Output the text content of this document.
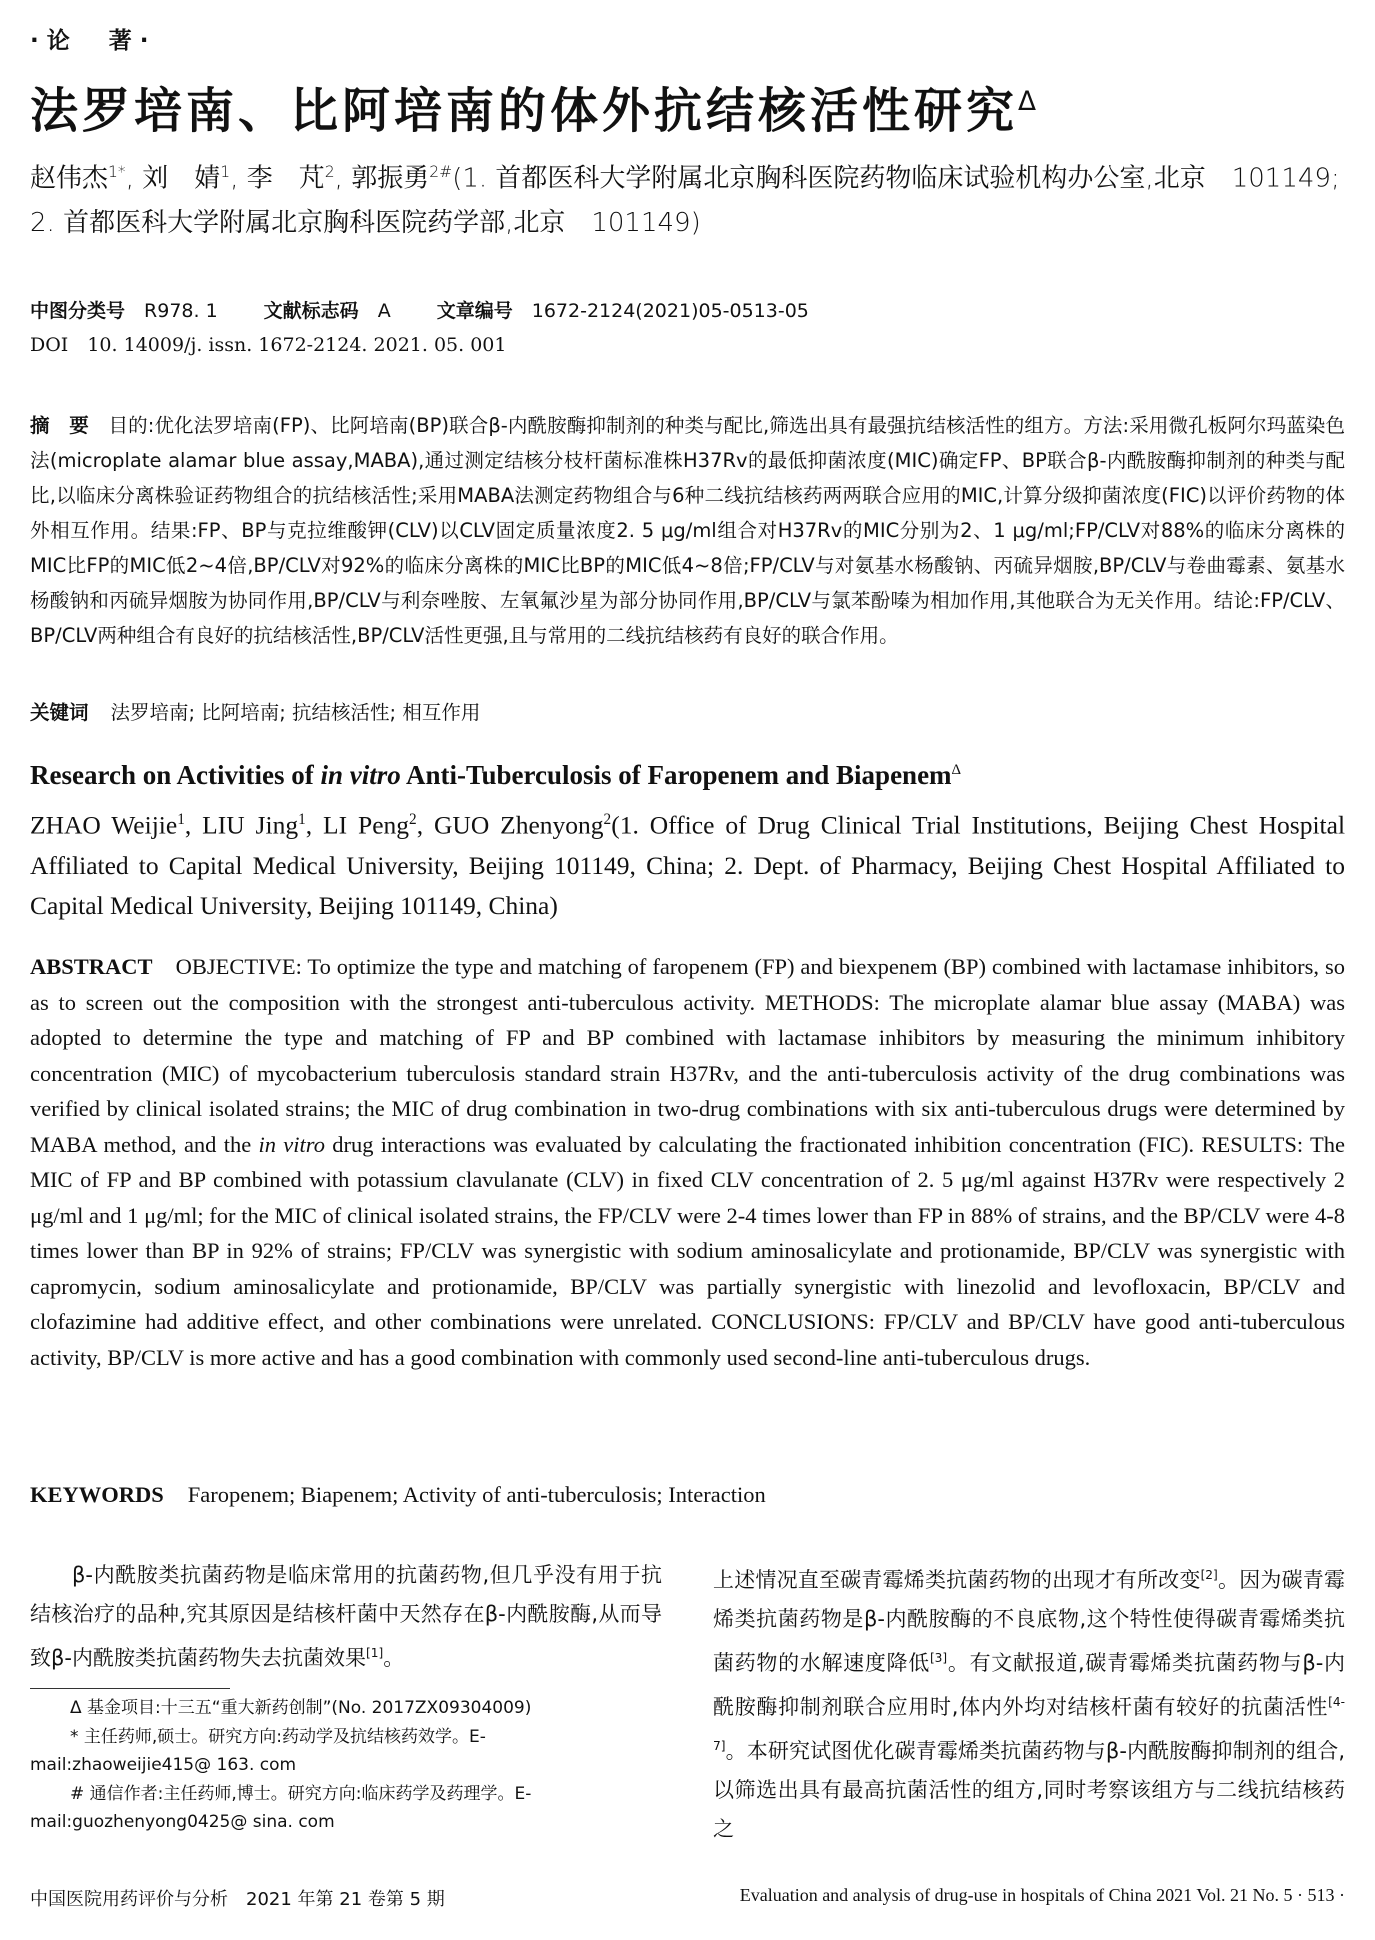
·论　著·
法罗培南、比阿培南的体外抗结核活性研究$^\Delta$
赵伟杰$^{1*}$, 刘　婧$^1$, 李　芃$^2$, 郭振勇$^{2\#}$(1. 首都医科大学附属北京胸科医院药物临床试验机构办公室,北京　101149; 2. 首都医科大学附属北京胸科医院药学部,北京　101149)
中图分类号　 R978. 1 文献标志码　 A 文章编号　 1672-2124(2021)05-0513-05
DOI　 10. 14009/j. issn. 1672-2124. 2021. 05. 001
摘　要　 目的:优化法罗培南(FP)、比阿培南(BP)联合β-内酰胺酶抑制剂的种类与配比,筛选出具有最强抗结核活性的组方。方法:采用微孔板阿尔玛蓝染色法(microplate alamar blue assay,MABA),通过测定结核分枝杆菌标准株H37Rv的最低抑菌浓度(MIC)确定FP、BP联合β-内酰胺酶抑制剂的种类与配比,以临床分离株验证药物组合的抗结核活性;采用MABA法测定药物组合与6种二线抗结核药两两联合应用的MIC,计算分级抑菌浓度(FIC)以评价药物的体外相互作用。结果:FP、BP与克拉维酸钾(CLV)以CLV固定质量浓度2. 5 μg/ml组合对H37Rv的MIC分别为2、1 μg/ml;FP/CLV对88%的临床分离株的MIC比FP的MIC低2~4倍,BP/CLV对92%的临床分离株的MIC比BP的MIC低4~8倍;FP/CLV与对氨基水杨酸钠、丙硫异烟胺,BP/CLV与卷曲霉素、氨基水杨酸钠和丙硫异烟胺为协同作用,BP/CLV与利奈唑胺、左氧氟沙星为部分协同作用,BP/CLV与氯苯酚嗪为相加作用,其他联合为无关作用。结论:FP/CLV、BP/CLV两种组合有良好的抗结核活性,BP/CLV活性更强,且与常用的二线抗结核药有良好的联合作用。
关键词 法罗培南; 比阿培南; 抗结核活性; 相互作用
Research on Activities of in vitro Anti-Tuberculosis of Faropenem and Biapenem$^\Delta$
ZHAO Weijie$^1$, LIU Jing$^1$, LI Peng$^2$, GUO Zhenyong$^2$(1. Office of Drug Clinical Trial Institutions, Beijing Chest Hospital Affiliated to Capital Medical University, Beijing 101149, China; 2. Dept. of Pharmacy, Beijing Chest Hospital Affiliated to Capital Medical University, Beijing 101149, China)
ABSTRACT　 OBJECTIVE: To optimize the type and matching of faropenem (FP) and biexpenem (BP) combined with lactamase inhibitors, so as to screen out the composition with the strongest anti-tuberculous activity. METHODS: The microplate alamar blue assay (MABA) was adopted to determine the type and matching of FP and BP combined with lactamase inhibitors by measuring the minimum inhibitory concentration (MIC) of mycobacterium tuberculosis standard strain H37Rv, and the anti-tuberculosis activity of the drug combinations was verified by clinical isolated strains; the MIC of drug combination in two-drug combinations with six anti-tuberculous drugs were determined by MABA method, and the in vitro drug interactions was evaluated by calculating the fractionated inhibition concentration (FIC). RESULTS: The MIC of FP and BP combined with potassium clavulanate (CLV) in fixed CLV concentration of 2. 5 μg/ml against H37Rv were respectively 2 μg/ml and 1 μg/ml; for the MIC of clinical isolated strains, the FP/CLV were 2-4 times lower than FP in 88% of strains, and the BP/CLV were 4-8 times lower than BP in 92% of strains; FP/CLV was synergistic with sodium aminosalicylate and protionamide, BP/CLV was synergistic with capromycin, sodium aminosalicylate and protionamide, BP/CLV was partially synergistic with linezolid and levofloxacin, BP/CLV and clofazimine had additive effect, and other combinations were unrelated. CONCLUSIONS: FP/CLV and BP/CLV have good anti-tuberculous activity, BP/CLV is more active and has a good combination with commonly used second-line anti-tuberculous drugs.
KEYWORDS Faropenem; Biapenem; Activity of anti-tuberculosis; Interaction
β-内酰胺类抗菌药物是临床常用的抗菌药物,但几乎没有用于抗结核治疗的品种,究其原因是结核杆菌中天然存在β-内酰胺酶,从而导致β-内酰胺类抗菌药物失去抗菌效果[1]。
上述情况直至碳青霉烯类抗菌药物的出现才有所改变[2]。因为碳青霉烯类抗菌药物是β-内酰胺酶的不良底物,这个特性使得碳青霉烯类抗菌药物的水解速度降低[3]。有文献报道,碳青霉烯类抗菌药物与β-内酰胺酶抑制剂联合应用时,体内外均对结核杆菌有较好的抗菌活性[4-7]。本研究试图优化碳青霉烯类抗菌药物与β-内酰胺酶抑制剂的组合,以筛选出具有最高抗菌活性的组方,同时考察该组方与二线抗结核药之
Δ 基金项目:十三五“重大新药创制”(No. 2017ZX09304009)
* 主任药师,硕士。研究方向:药动学及抗结核药效学。E-mail:zhaoweijie415@ 163. com
# 通信作者:主任药师,博士。研究方向:临床药学及药理学。E-mail:guozhenyong0425@ sina. com
中国医院用药评价与分析　2021 年第 21 卷第 5 期	Evaluation and analysis of drug-use in hospitals of China 2021 Vol. 21 No. 5 · 513 ·
